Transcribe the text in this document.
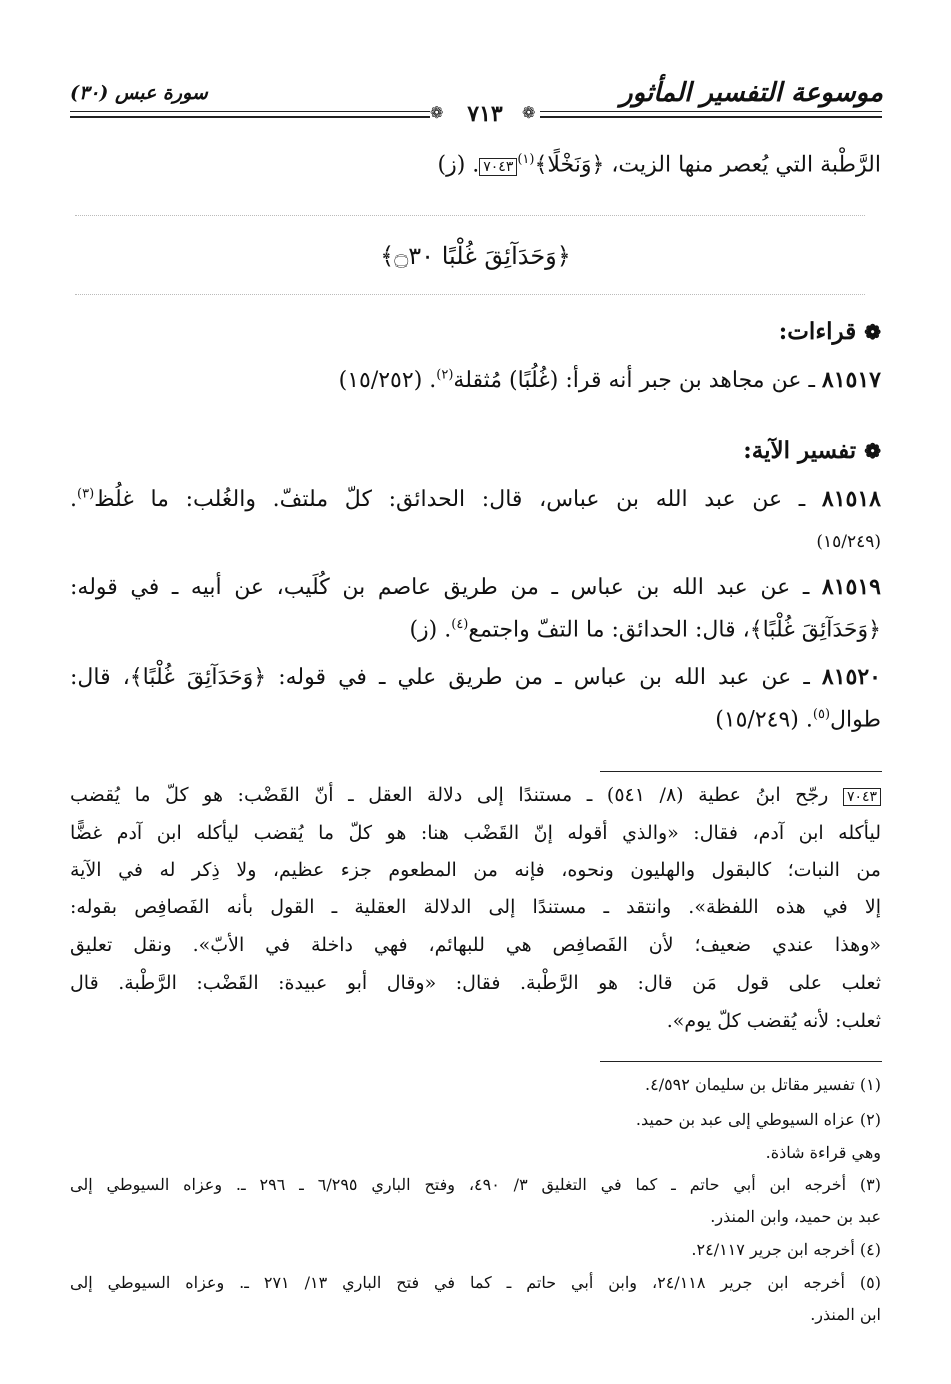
موسوعة التفسير المأثور
سورة عبس (٣٠)
❁	❁
٧١٣
الرَّطْبة التي يُعصر منها الزيت، ﴿وَنَخْلًا﴾$^{(١)}$٧٠٤٣. (ز)
﴿وَحَدَآئِقَ غُلْبًا ۝٣٠﴾
❁ قراءات:
٨١٥١٧ ـ عن مجاهد بن جبر أنه قرأ: (غُلُبًا) مُثقلة$^{(٢)}$. (١٥/٢٥٢)
❁ تفسير الآية:
٨١٥١٨ ـ عن عبد الله بن عباس، قال: الحدائق: كلّ ملتفّ. والغُلب: ما غلُظ$^{(٣)}$.
(١٥/٢٤٩)
٨١٥١٩ ـ عن عبد الله بن عباس ـ من طريق عاصم بن كُلَيب، عن أبيه ـ في قوله:
﴿وَحَدَآئِقَ غُلْبًا﴾، قال: الحدائق: ما التفّ واجتمع$^{(٤)}$. (ز)
٨١٥٢٠ ـ عن عبد الله بن عباس ـ من طريق علي ـ في قوله: ﴿وَحَدَآئِقَ غُلْبًا﴾، قال:
طوال$^{(٥)}$. (١٥/٢٤٩)
٧٠٤٣ رجّح ابنُ عطية (٨/ ٥٤١) ـ مستندًا إلى دلالة العقل ـ أنّ القَضْب: هو كلّ ما يُقضب
ليأكله ابن آدم، فقال: «والذي أقوله إنّ القَضْب هنا: هو كلّ ما يُقضب ليأكله ابن آدم غضًّا
من النبات؛ كالبقول والهليون ونحوه، فإنه من المطعوم جزء عظيم، ولا ذِكر له في الآية
إلا في هذه اللفظة». وانتقد ـ مستندًا إلى الدلالة العقلية ـ القول بأنه الفَصافِص بقوله:
«وهذا عندي ضعيف؛ لأن الفَصافِص هي للبهائم، فهي داخلة في الأبّ». ونقل تعليق
ثعلب على قول مَن قال: هو الرَّطْبة. فقال: «وقال أبو عبيدة: القَضْب: الرَّطْبة. قال
ثعلب: لأنه يُقضب كلّ يوم».
(١) تفسير مقاتل بن سليمان ٤/٥٩٢.
(٢) عزاه السيوطي إلى عبد بن حميد.
وهي قراءة شاذة.
(٣) أخرجه ابن أبي حاتم ـ كما في التغليق ٣/ ٤٩٠، وفتح الباري ٦/٢٩٥ ـ ٢٩٦ ـ. وعزاه السيوطي إلى
عبد بن حميد، وابن المنذر.
(٤) أخرجه ابن جرير ٢٤/١١٧.
(٥) أخرجه ابن جرير ٢٤/١١٨، وابن أبي حاتم ـ كما في فتح الباري ١٣/ ٢٧١ ـ. وعزاه السيوطي إلى
ابن المنذر.
